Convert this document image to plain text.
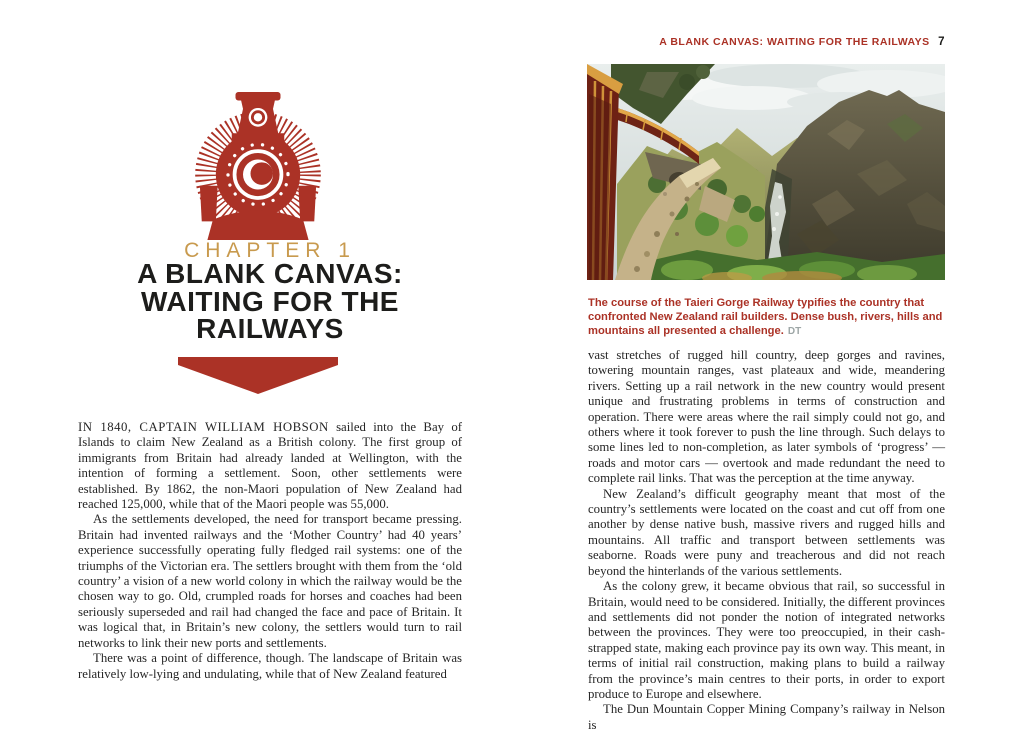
A BLANK CANVAS: WAITING FOR THE RAILWAYS 7
CHAPTER 1
A BLANK CANVAS:
WAITING FOR THE
RAILWAYS

IN 1840, CAPTAIN WILLIAM HOBSON sailed into the Bay of Islands to claim New Zealand as a British colony. The first group of immigrants from Britain had already landed at Wellington, with the intention of forming a settlement. Soon, other settlements were established. By 1862, the non-Maori population of New Zealand had reached 125,000, while that of the Maori people was 55,000.

As the settlements developed, the need for transport became pressing. Britain had invented railways and the ‘Mother Country’ had 40 years’ experience successfully operating fully fledged rail systems: one of the triumphs of the Victorian era. The settlers brought with them from the ‘old country’ a vision of a new world colony in which the railway would be the chosen way to go. Old, crumpled roads for horses and coaches had been seriously superseded and rail had changed the face and pace of Britain. It was logical that, in Britain’s new colony, the settlers would turn to rail networks to link their new ports and settlements.

There was a point of difference, though. The landscape of Britain was relatively low-lying and undulating, while that of New Zealand featured

The course of the Taieri Gorge Railway typifies the country that confronted New Zealand rail builders. Dense bush, rivers, hills and mountains all presented a challenge. DT

vast stretches of rugged hill country, deep gorges and ravines, towering mountain ranges, vast plateaux and wide, meandering rivers. Setting up a rail network in the new country would present unique and frustrating problems in terms of construction and operation. There were areas where the rail simply could not go, and others where it took forever to push the line through. Such delays to some lines led to non-completion, as later symbols of ‘progress’ — roads and motor cars — overtook and made redundant the need to complete rail links. That was the perception at the time anyway.

New Zealand’s difficult geography meant that most of the country’s settlements were located on the coast and cut off from one another by dense native bush, massive rivers and rugged hills and mountains. All traffic and transport between settlements was seaborne. Roads were puny and treacherous and did not reach beyond the hinterlands of the various settlements.

As the colony grew, it became obvious that rail, so successful in Britain, would need to be considered. Initially, the different provinces and settlements did not ponder the notion of integrated networks between the provinces. They were too preoccupied, in their cash-strapped state, making each province pay its own way. This meant, in terms of initial rail construction, making plans to build a railway from the province’s main centres to their ports, in order to export produce to Europe and elsewhere.

The Dun Mountain Copper Mining Company’s railway in Nelson is
